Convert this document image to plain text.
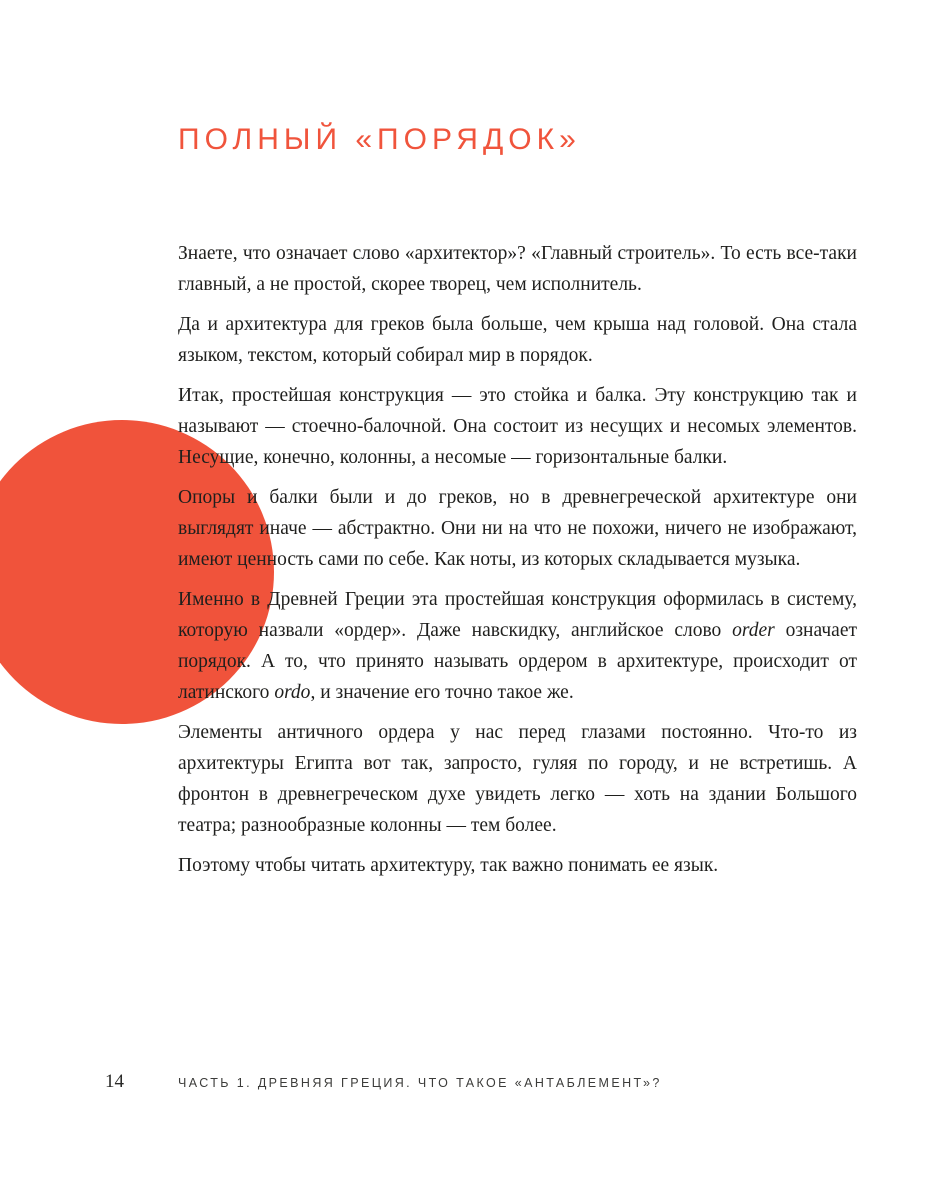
ПОЛНЫЙ «ПОРЯДОК»

Знаете, что означает слово «архитектор»? «Главный строитель». То есть все-таки главный, а не простой, скорее творец, чем исполнитель.

Да и архитектура для греков была больше, чем крыша над головой. Она стала языком, текстом, который собирал мир в порядок.

Итак, простейшая конструкция — это стойка и балка. Эту конструкцию так и называют — стоечно-балочной. Она состоит из несущих и несомых элементов. Несущие, конечно, колонны, а несомые — горизонтальные балки.

Опоры и балки были и до греков, но в древнегреческой архитектуре они выглядят иначе — абстрактно. Они ни на что не похожи, ничего не изображают, имеют ценность сами по себе. Как ноты, из которых складывается музыка.

Именно в Древней Греции эта простейшая конструкция оформилась в систему, которую назвали «ордер». Даже навскидку, английское слово order означает порядок. А то, что принято называть ордером в архитектуре, происходит от латинского ordo, и значение его точно такое же.

Элементы античного ордера у нас перед глазами постоянно. Что-то из архитектуры Египта вот так, запросто, гуляя по городу, и не встретишь. А фронтон в древнегреческом духе увидеть легко — хоть на здании Большого театра; разнообразные колонны — тем более.

Поэтому чтобы читать архитектуру, так важно понимать ее язык.

14	ЧАСТЬ 1. ДРЕВНЯЯ ГРЕЦИЯ. ЧТО ТАКОЕ «АНТАБЛЕМЕНТ»?
